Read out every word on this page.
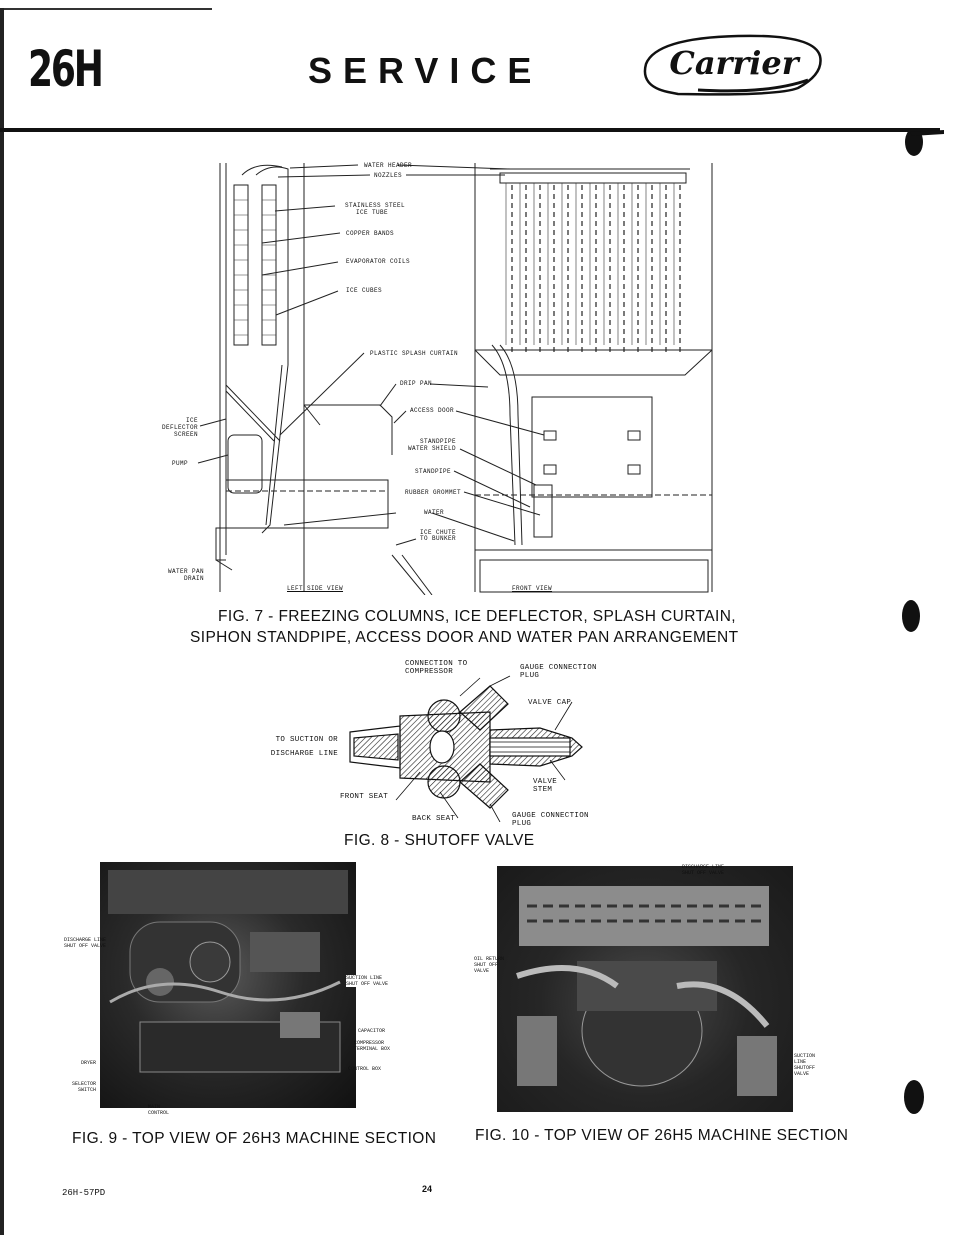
26H	SERVICE	Carrier
WATER HEADER
NOZZLES
STAINLESS STEEL
ICE TUBE
COPPER BANDS
EVAPORATOR COILS
ICE CUBES
PLASTIC SPLASH CURTAIN
DRIP PAN
ACCESS DOOR
STANDPIPE
WATER SHIELD
STANDPIPE
RUBBER GROMMET
WATER
ICE CHUTE
TO BUNKER
ICE
DEFLECTOR
SCREEN
PUMP
WATER PAN
DRAIN
LEFT SIDE VIEW	FRONT VIEW
FIG. 7 - FREEZING COLUMNS, ICE DEFLECTOR, SPLASH CURTAIN,
SIPHON STANDPIPE, ACCESS DOOR AND WATER PAN ARRANGEMENT
CONNECTION TO
COMPRESSOR	GAUGE CONNECTION
PLUG
VALVE CAP
TO SUCTION OR
DISCHARGE LINE
VALVE
STEM
FRONT SEAT
BACK SEAT	GAUGE CONNECTION
PLUG
FIG. 8 - SHUTOFF VALVE
DISCHARGE LINE
SHUT OFF VALVE
SUCTION LINE
SHUT OFF VALVE
CAPACITOR
COMPRESSOR
TERMINAL BOX
DRYER
CONTROL BOX
SELECTOR
SWITCH
MAIN
CONTROL
FIG. 9 - TOP VIEW OF 26H3 MACHINE SECTION
DISCHARGE LINE
SHUT OFF VALVE
OIL RETURN
SHUT OFF
VALVE
SUCTION
LINE
SHUTOFF
VALVE
FIG. 10 - TOP VIEW OF 26H5 MACHINE SECTION
26H-57PD	24
